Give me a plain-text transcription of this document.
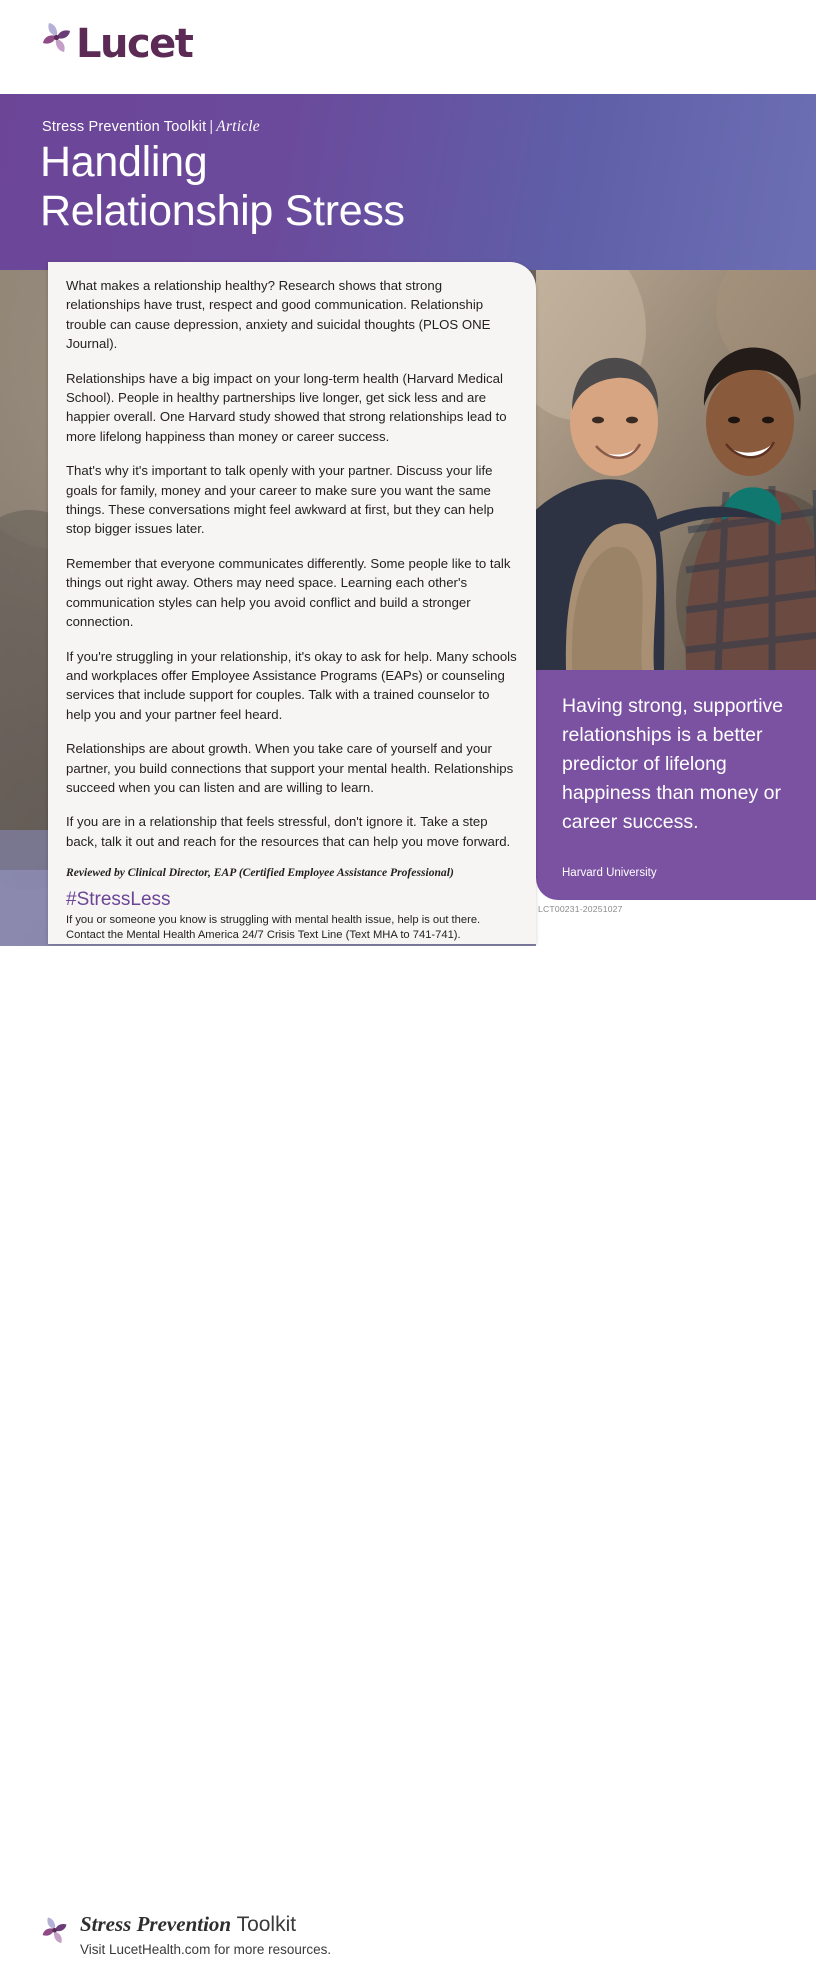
Lucet
Stress Prevention Toolkit | Article
Handling
Relationship Stress
Having strong, supportive relationships is a better predictor of lifelong happiness than money or career success.
Harvard University
LCT00231-20251027

What makes a relationship healthy? Research shows that strong relationships have trust, respect and good communication. Relationship trouble can cause depression, anxiety and suicidal thoughts (PLOS ONE Journal).

Relationships have a big impact on your long-term health (Harvard Medical School). People in healthy partnerships live longer, get sick less and are happier overall. One Harvard study showed that strong relationships lead to more lifelong happiness than money or career success.

That's why it's important to talk openly with your partner. Discuss your life goals for family, money and your career to make sure you want the same things. These conversations might feel awkward at first, but they can help stop bigger issues later.

Remember that everyone communicates differently. Some people like to talk things out right away. Others may need space. Learning each other's communication styles can help you avoid conflict and build a stronger connection.

If you're struggling in your relationship, it's okay to ask for help. Many schools and workplaces offer Employee Assistance Programs (EAPs) or counseling services that include support for couples. Talk with a trained counselor to help you and your partner feel heard.

Relationships are about growth. When you take care of yourself and your partner, you build connections that support your mental health. Relationships succeed when you can listen and are willing to learn.

If you are in a relationship that feels stressful, don't ignore it. Take a step back, talk it out and reach for the resources that can help you move forward.

Reviewed by Clinical Director, EAP (Certified Employee Assistance Professional)
#StressLess

If you or someone you know is struggling with mental health issue, help is out there.
Contact the Mental Health America 24/7 Crisis Text Line (Text MHA to 741-741).

Stress Prevention Toolkit
Visit LucetHealth.com for more resources.
